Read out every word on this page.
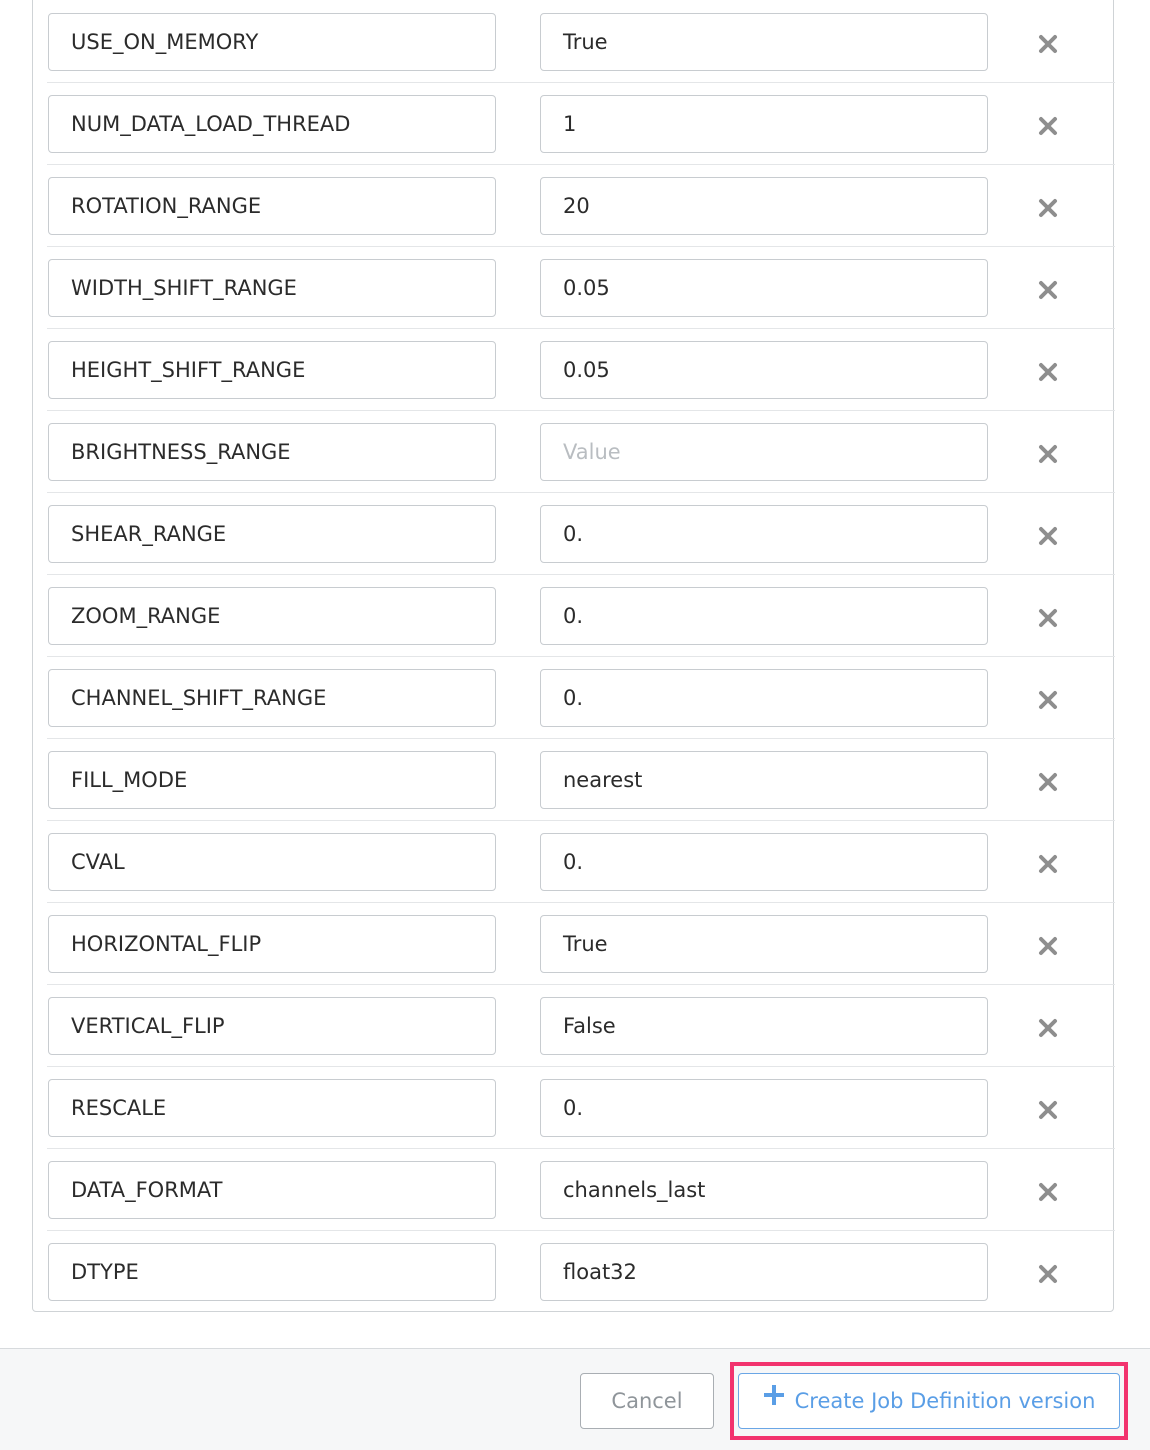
USE_ON_MEMORY	True
NUM_DATA_LOAD_THREAD	1
ROTATION_RANGE	20
WIDTH_SHIFT_RANGE	0.05
HEIGHT_SHIFT_RANGE	0.05
BRIGHTNESS_RANGE	Value
SHEAR_RANGE	0.
ZOOM_RANGE	0.
CHANNEL_SHIFT_RANGE	0.
FILL_MODE	nearest
CVAL	0.
HORIZONTAL_FLIP	True
VERTICAL_FLIP	False
RESCALE	0.
DATA_FORMAT	channels_last
DTYPE	float32
Cancel	Create Job Definition version
